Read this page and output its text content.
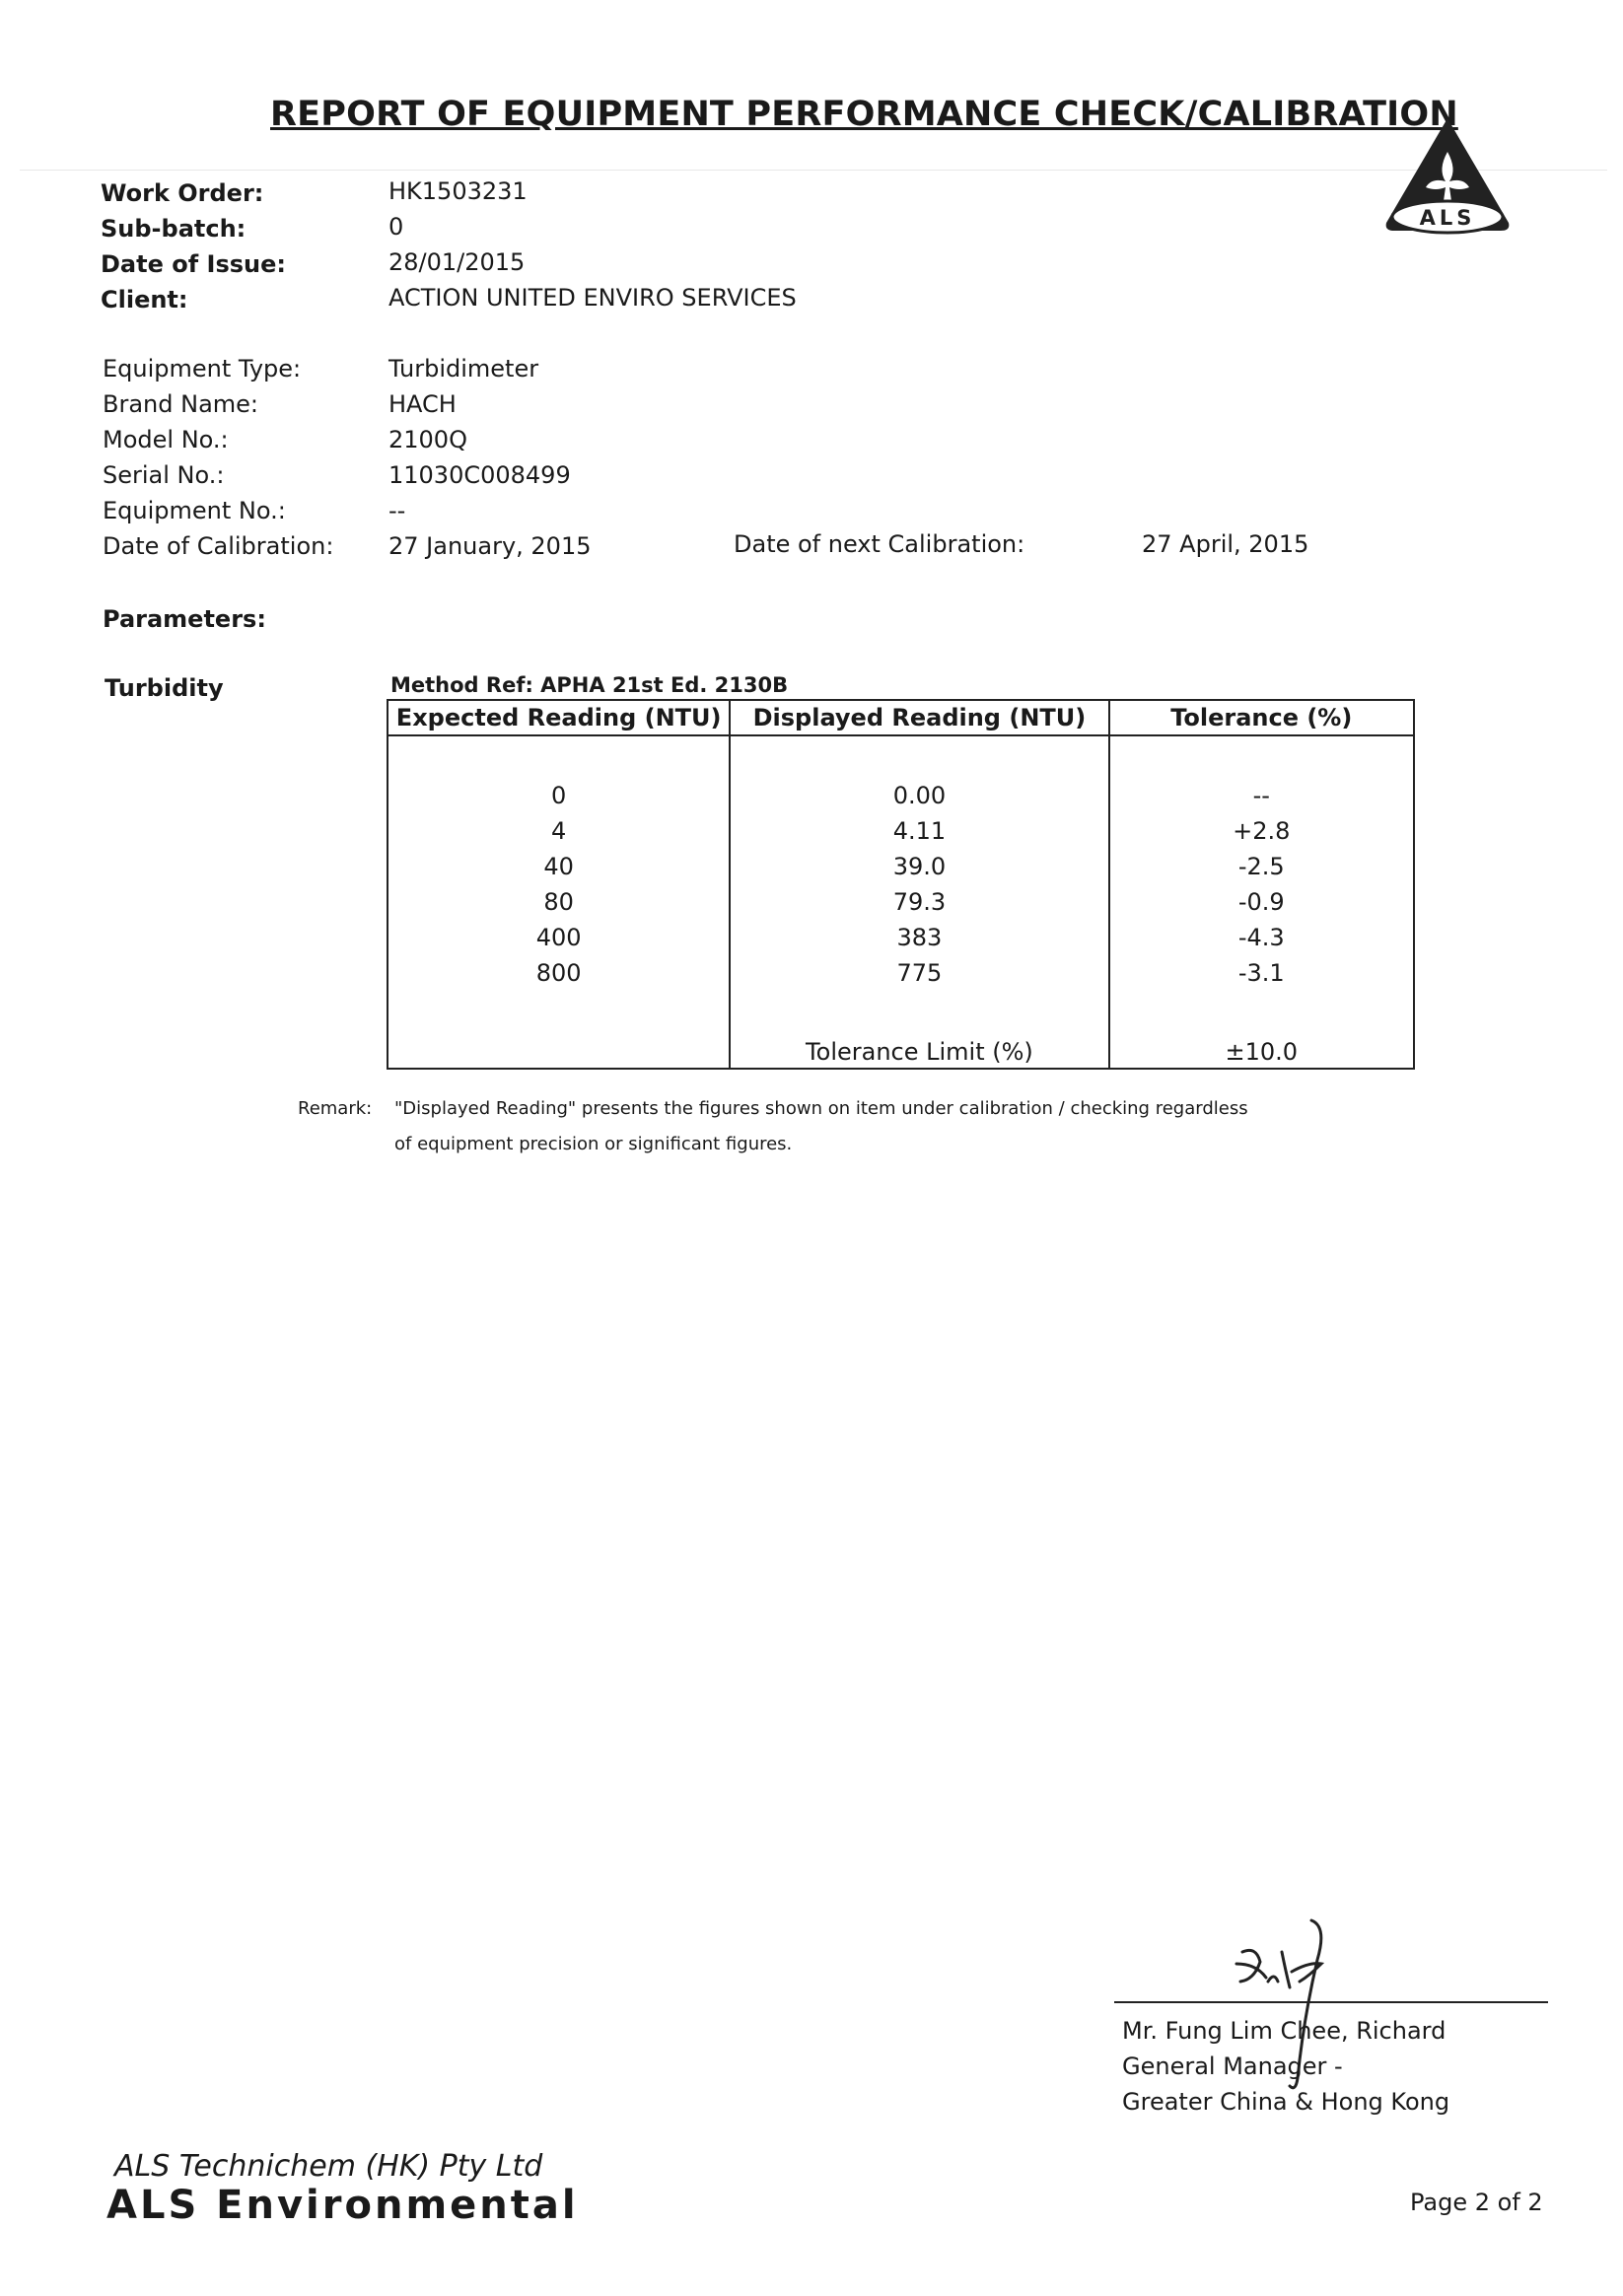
REPORT OF EQUIPMENT PERFORMANCE CHECK/CALIBRATION
ALS
Work Order:	HK1503231
Sub-batch:	0
Date of Issue:	28/01/2015
Client:	ACTION UNITED ENVIRO SERVICES
Equipment Type:	Turbidimeter
Brand Name:	HACH
Model No.:	2100Q
Serial No.:	11030C008499
Equipment No.:	--
Date of Calibration: 27 January, 2015	Date of next Calibration:	27 April, 2015
Parameters:
Turbidity	Method Ref: APHA 21st Ed. 2130B
Expected Reading (NTU)	Displayed Reading (NTU)	Tolerance (%)

0	0.00	--
4	4.11	+2.8
40	39.0	-2.5
80	79.3	-0.9
400	383	-4.3
800	775	-3.1

	Tolerance Limit (%)	±10.0
Remark: "Displayed Reading" presents the figures shown on item under calibration / checking regardless
of equipment precision or significant figures.
Mr. Fung Lim Chee, Richard
General Manager -
Greater China & Hong Kong
ALS Technichem (HK) Pty Ltd
ALS Environmental	Page 2 of 2
